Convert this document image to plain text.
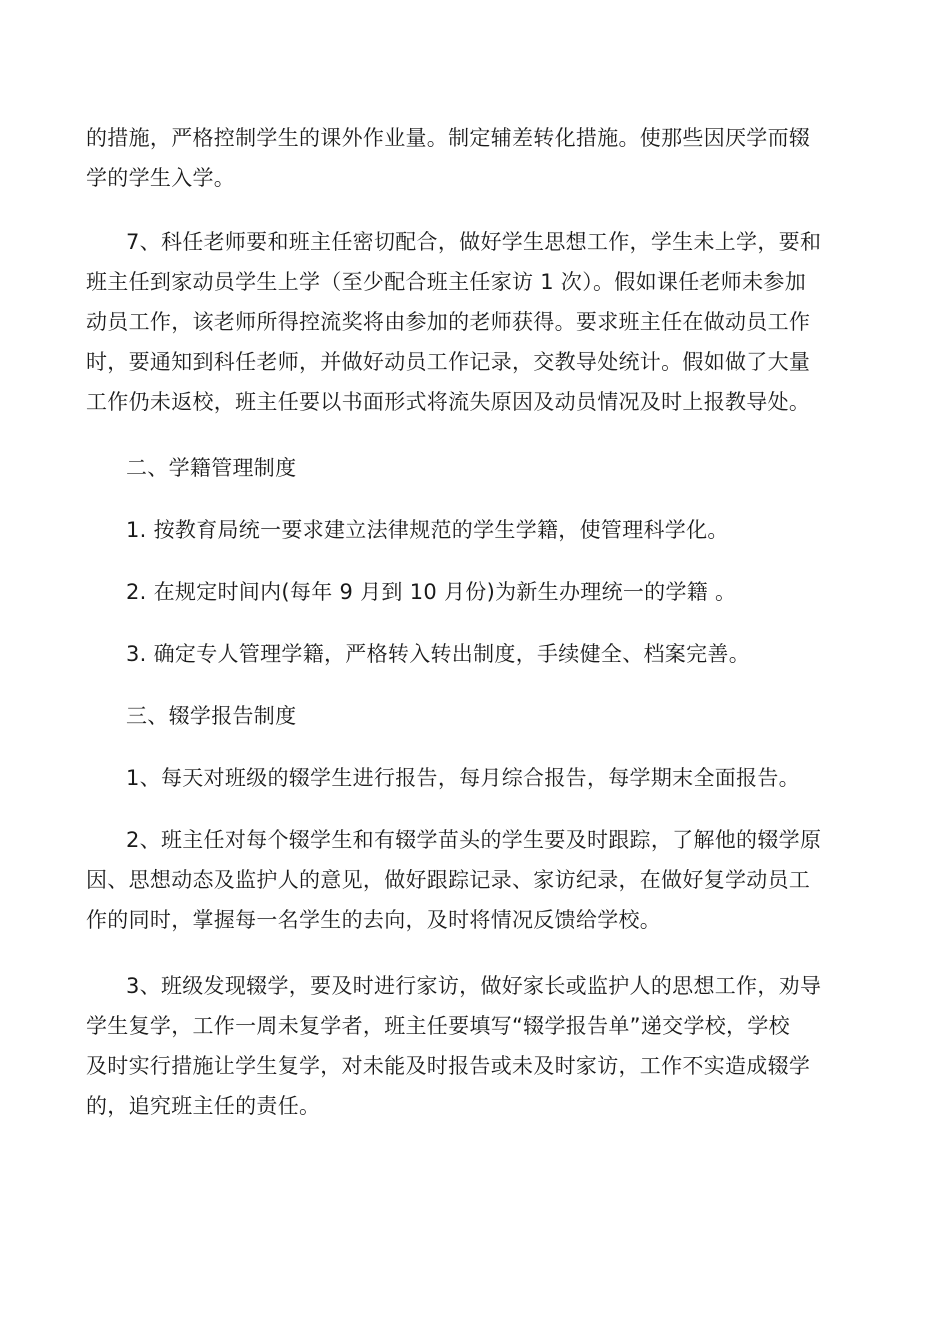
的措施，严格控制学生的课外作业量。制定辅差转化措施。使那些因厌学而辍
学的学生入学。
7、科任老师要和班主任密切配合，做好学生思想工作，学生未上学，要和
班主任到家动员学生上学（至少配合班主任家访 1 次）。假如课任老师未参加
动员工作，该老师所得控流奖将由参加的老师获得。要求班主任在做动员工作
时，要通知到科任老师，并做好动员工作记录，交教导处统计。假如做了大量
工作仍未返校，班主任要以书面形式将流失原因及动员情况及时上报教导处。
二、学籍管理制度
1. 按教育局统一要求建立法律规范的学生学籍，使管理科学化。
2. 在规定时间内(每年 9 月到 10 月份)为新生办理统一的学籍 。
3. 确定专人管理学籍，严格转入转出制度，手续健全、档案完善。
三、辍学报告制度
1、每天对班级的辍学生进行报告，每月综合报告，每学期末全面报告。
2、班主任对每个辍学生和有辍学苗头的学生要及时跟踪，了解他的辍学原
因、思想动态及监护人的意见，做好跟踪记录、家访纪录，在做好复学动员工
作的同时，掌握每一名学生的去向，及时将情况反馈给学校。
3、班级发现辍学，要及时进行家访，做好家长或监护人的思想工作，劝导
学生复学，工作一周未复学者，班主任要填写“辍学报告单”递交学校，学校
及时实行措施让学生复学，对未能及时报告或未及时家访，工作不实造成辍学
的，追究班主任的责任。
